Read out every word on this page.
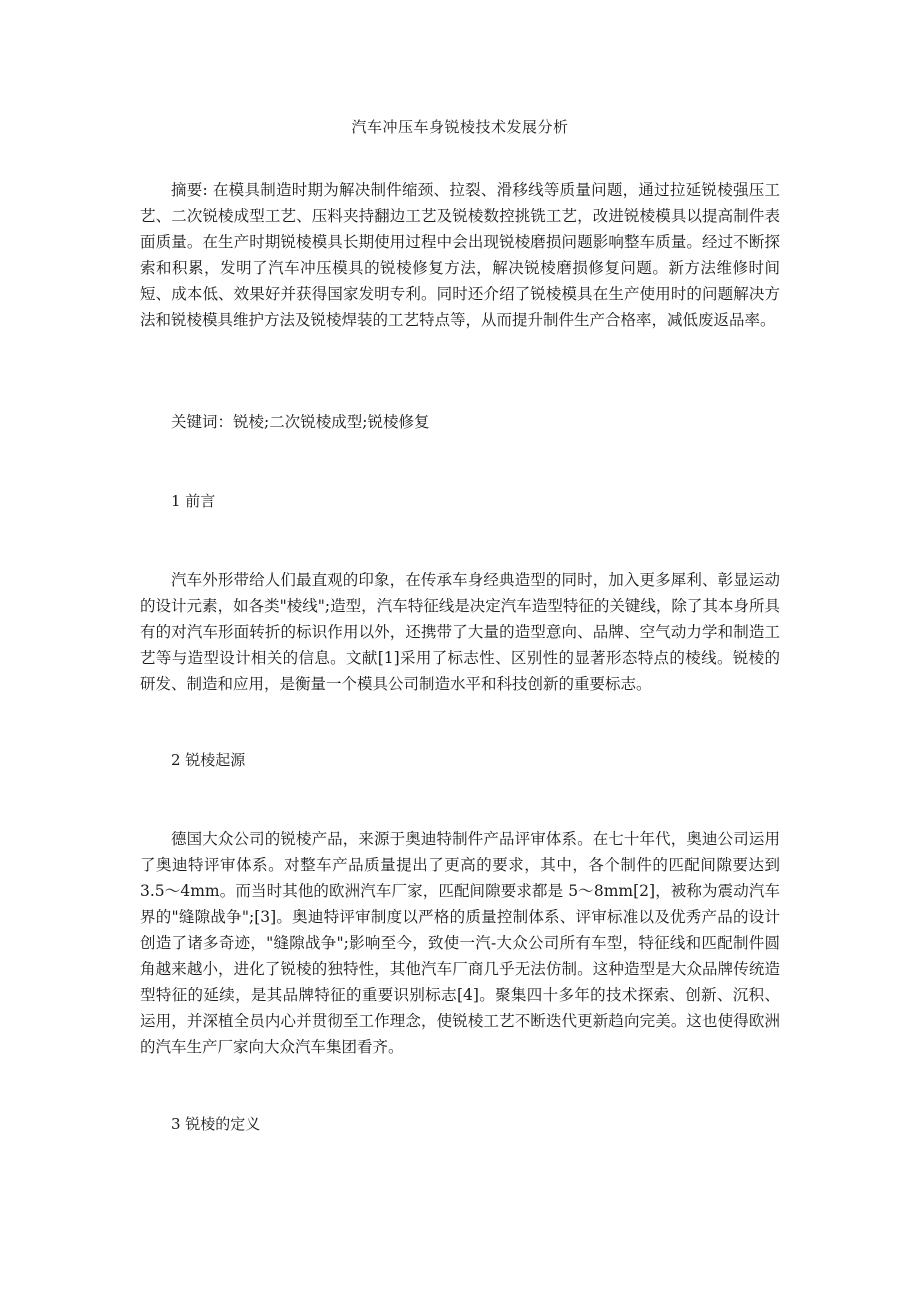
汽车冲压车身锐棱技术发展分析

摘要: 在模具制造时期为解决制件缩颈、拉裂、滑移线等质量问题，通过拉延锐棱强压工艺、二次锐棱成型工艺、压料夹持翻边工艺及锐棱数控挑铣工艺，改进锐棱模具以提高制件表面质量。在生产时期锐棱模具长期使用过程中会出现锐棱磨损问题影响整车质量。经过不断探索和积累，发明了汽车冲压模具的锐棱修复方法，解决锐棱磨损修复问题。新方法维修时间短、成本低、效果好并获得国家发明专利。同时还介绍了锐棱模具在生产使用时的问题解决方法和锐棱模具维护方法及锐棱焊装的工艺特点等，从而提升制件生产合格率，减低废返品率。

关键词：锐棱;二次锐棱成型;锐棱修复

1 前言

汽车外形带给人们最直观的印象，在传承车身经典造型的同时，加入更多犀利、彰显运动的设计元素，如各类"棱线";造型，汽车特征线是决定汽车造型特征的关键线，除了其本身所具有的对汽车形面转折的标识作用以外，还携带了大量的造型意向、品牌、空气动力学和制造工艺等与造型设计相关的信息。文献[1]采用了标志性、区别性的显著形态特点的棱线。锐棱的研发、制造和应用，是衡量一个模具公司制造水平和科技创新的重要标志。

2 锐棱起源

德国大众公司的锐棱产品，来源于奥迪特制件产品评审体系。在七十年代，奥迪公司运用了奥迪特评审体系。对整车产品质量提出了更高的要求，其中，各个制件的匹配间隙要达到 3.5～4mm。而当时其他的欧洲汽车厂家，匹配间隙要求都是 5～8mm[2]，被称为震动汽车界的"缝隙战争";[3]。奥迪特评审制度以严格的质量控制体系、评审标准以及优秀产品的设计创造了诸多奇迹，"缝隙战争";影响至今，致使一汽-大众公司所有车型，特征线和匹配制件圆角越来越小，进化了锐棱的独特性，其他汽车厂商几乎无法仿制。这种造型是大众品牌传统造型特征的延续，是其品牌特征的重要识别标志[4]。聚集四十多年的技术探索、创新、沉积、运用，并深植全员内心并贯彻至工作理念，使锐棱工艺不断迭代更新趋向完美。这也使得欧洲的汽车生产厂家向大众汽车集团看齐。

3 锐棱的定义
